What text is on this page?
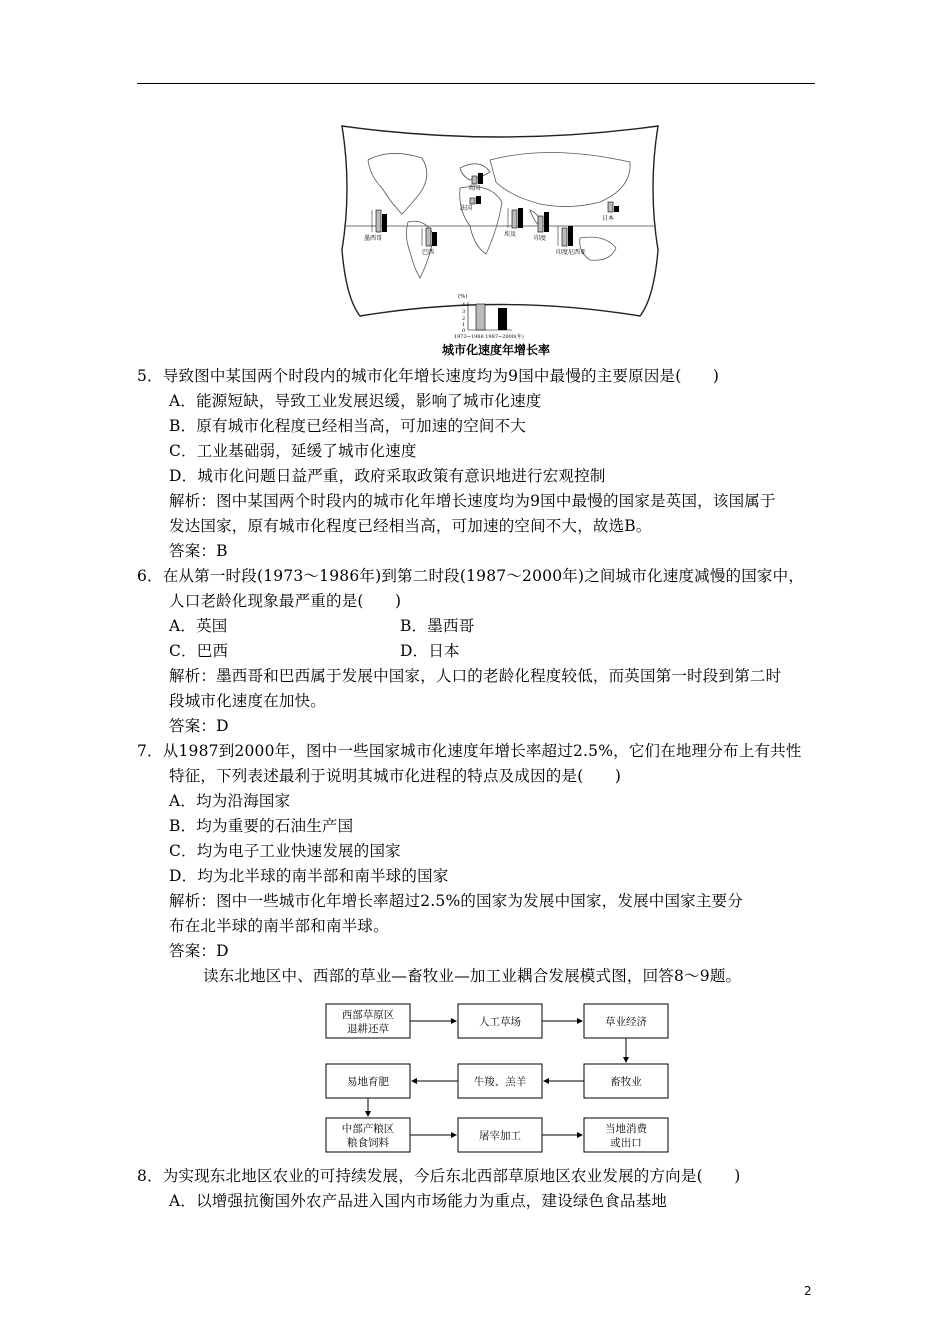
英国
法国
日本
墨西哥
巴西
埃及
印度
印度尼西亚
(%)
4
3
2
1
0
1973~1986 1987~2000(年)
城市化速度年增长率
5．导致图中某国两个时段内的城市化年增长速度均为9国中最慢的主要原因是(　　)
A．能源短缺，导致工业发展迟缓，影响了城市化速度
B．原有城市化程度已经相当高，可加速的空间不大
C．工业基础弱，延缓了城市化速度
D．城市化问题日益严重，政府采取政策有意识地进行宏观控制
解析：图中某国两个时段内的城市化年增长速度均为9国中最慢的国家是英国，该国属于
发达国家，原有城市化程度已经相当高，可加速的空间不大，故选B。
答案：B
6．在从第一时段(1973～1986年)到第二时段(1987～2000年)之间城市化速度减慢的国家中，
人口老龄化现象最严重的是(　　)
A．英国	B．墨西哥
C．巴西	D．日本
解析：墨西哥和巴西属于发展中国家，人口的老龄化程度较低，而英国第一时段到第二时
段城市化速度在加快。
答案：D
7．从1987到2000年，图中一些国家城市化速度年增长率超过2.5%，它们在地理分布上有共性
特征，下列表述最利于说明其城市化进程的特点及成因的是(　　)
A．均为沿海国家
B．均为重要的石油生产国
C．均为电子工业快速发展的国家
D．均为北半球的南半部和南半球的国家
解析：图中一些城市化年增长率超过2.5%的国家为发展中国家，发展中国家主要分
布在北半球的南半部和南半球。
答案：D
读东北地区中、西部的草业—畜牧业—加工业耦合发展模式图，回答8～9题。
西部草原区
退耕还草
人工草场	草业经济
畜牧业
牛羧、羔羊
易地育肥
中部产粮区
粮食饲料
屠宰加工
当地消费
或出口
8．为实现东北地区农业的可持续发展，今后东北西部草原地区农业发展的方向是(　　)
A．以增强抗衡国外农产品进入国内市场能力为重点，建设绿色食品基地
2
